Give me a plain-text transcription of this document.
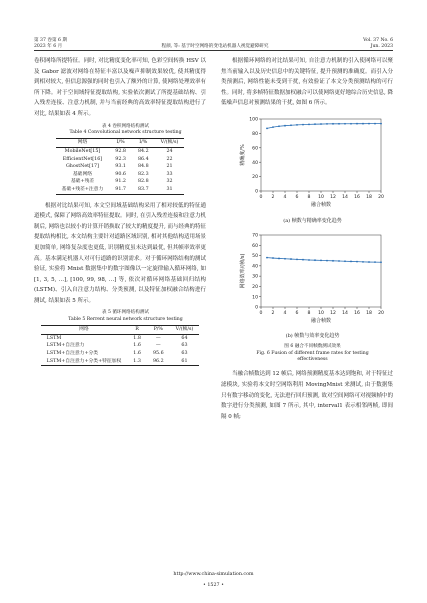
第 37 卷第 6 期
2023 年 6 月	程颜, 等: 基于时空网络的变电站机器人视觉避障研究
Vol. 37 No. 6
Jun. 2023

卷积网络所提特征。同时, 对比精度变化率可知, 色彩空间转换 HSV 以及 Gabor 滤波对网络在特征丰富以及噪声抑制效果较优, 使其精度得到相对较大, 但信息源强的同时也引入了额外的计算, 使网络处理效率有所下降。对于空间域特征提取结构, 实验依次测试了所提基础结构、引入残差连接、注意力机制, 并与当前经典的高效率特征提取结构进行了对比, 结果如表 4 所示。

表 4 卷积网络结构测试

Table 4 Convolutional network structure testing

网络	I/%	I/%	V/(帧/s)
MobileNet[15]	92.8	84.2	24
EfficientNet[16]	92.3	86.4	22
GhostNet[17]	93.1	84.8	21
基础网络	90.6	82.3	33
基础+残差	91.2	82.8	32
基础+残差+注意力	91.7	83.7	31

根据对比结果可知, 本文空间域基础结构采用了相对较低的特征通道模式, 保障了网络高效率特征提取。同时, 在引入残差连接和注意力机制后, 网络也以较小的计算开销换取了较大的精度提升, 而与经典的特征提取结构相比, 本文结构主要针对道路区域识别, 相对其他结构适用场景更加简单, 网络复杂度也更低, 识别精度虽未达到最优, 但其帧率效率更高。基本满足机器人对可行道路的识别需求。对于循环网络结构的测试验证, 实验将 Mnist 数据集中的数字图像以一定旋律输入循环网络, 如 [1, 3, 5, …], [100, 99, 98, …] 等, 依次对循环网络基础回归结构 (LSTM)、引入自注意力结构、分类预测, 以及特征加权融合结构进行测试, 结果如表 5 所示。

表 5 循环网络结构测试

Table 5 Rerrent neural network structure testing

网络	R	P/%	V/(帧/s)
LSTM	1.8	—	64
LSTM+自注意力	1.6	—	63
LSTM+自注意力+分类	1.6	95.6	63
LSTM+自注意力+分类+特征加权	1.3	96.2	61

根据循环网络的对比结果可知, 自注意力机制的引入使网络可以聚焦当前输入以及历史信息中的关键特征, 提升预测的准确度。而引入分类预测后, 网络性能未受到干扰, 有效验证了本文分类预测结构的可行性。同时, 将多帧特征数据加权融合可以使网络更好地综合历史信息, 降低噪声信息对预测结果的干扰, 如图 6 所示。

0
20
40
60
80
100
0 2 4 6 8 10 12 14 16 18 20
融合帧数
精确度/%

(a) 帧数与精确率变化趋势

0
10
20
30
40
50
60
70
0 2 4 6 8 10 12 14 16 18 20
融合帧数
网络效率/(帧/s)

(b) 帧数与效率变化趋势

图 6 融合不同帧数测试效果

Fig. 6 Fusion of different frame rates for testing

effectiveness

当融合帧数达到 12 帧后, 网络预测精度基本达到饱和, 对于特征过滤模块, 实验将本文时空网络利用 MovingMnist 来测试, 由于数据集只有数字移动的变化, 无法进行回归预测, 故对空间网络可对视频帧中的数字进行分类预测, 如图 7 所示, 其中, interval1 表示相邻两帧, 即间隔 0 帧;

http://www.china-simulation.com
• 1527 •
